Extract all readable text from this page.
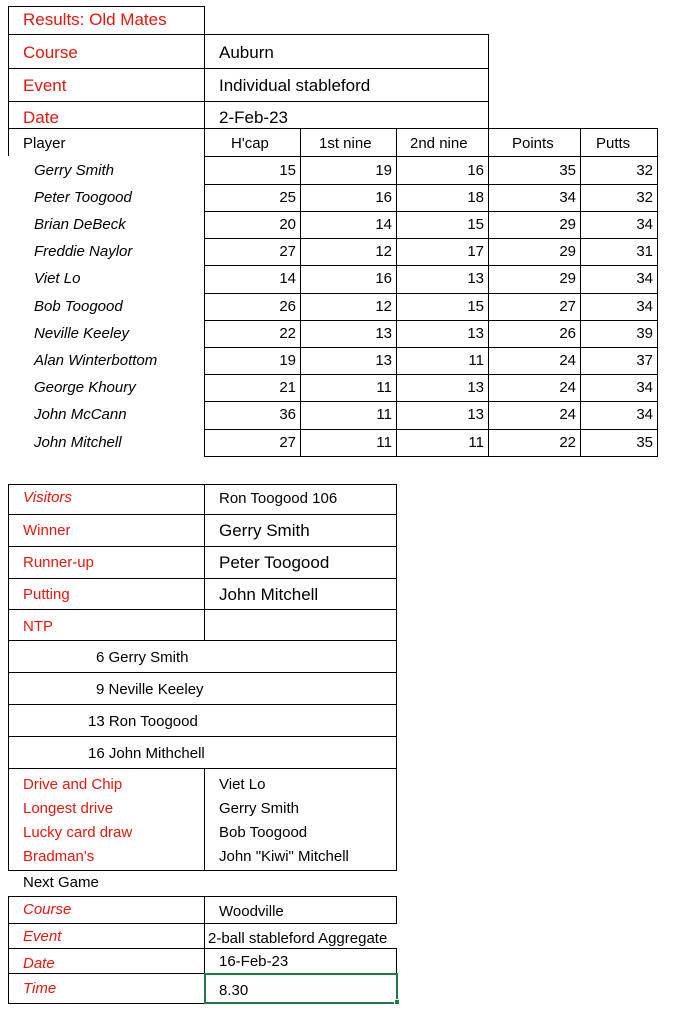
Results: Old Mates
Course	Auburn
Event	Individual stableford
Date	2-Feb-23
Player	H'cap	1st nine	2nd nine	Points	Putts
Gerry Smith	15	19	16	35	32
Peter Toogood	25	16	18	34	32
Brian DeBeck	20	14	15	29	34
Freddie Naylor	27	12	17	29	31
Viet Lo	14	16	13	29	34
Bob Toogood	26	12	15	27	34
Neville Keeley	22	13	13	26	39
Alan Winterbottom	19	13	11	24	37
George Khoury	21	11	13	24	34
John McCann	36	11	13	24	34
John Mitchell	27	11	11	22	35
Visitors	Ron Toogood 106
Winner	Gerry Smith
Runner-up	Peter Toogood
Putting	John Mitchell
NTP
6 Gerry Smith
9 Neville Keeley
13 Ron Toogood
16 John Mithchell
Drive and Chip	Viet Lo
Longest drive	Gerry Smith
Lucky card draw	Bob Toogood
Bradman's	John "Kiwi" Mitchell
Next Game
Course	Woodville
Event	2-ball stableford Aggregate
Date	16-Feb-23
Time	8.30
